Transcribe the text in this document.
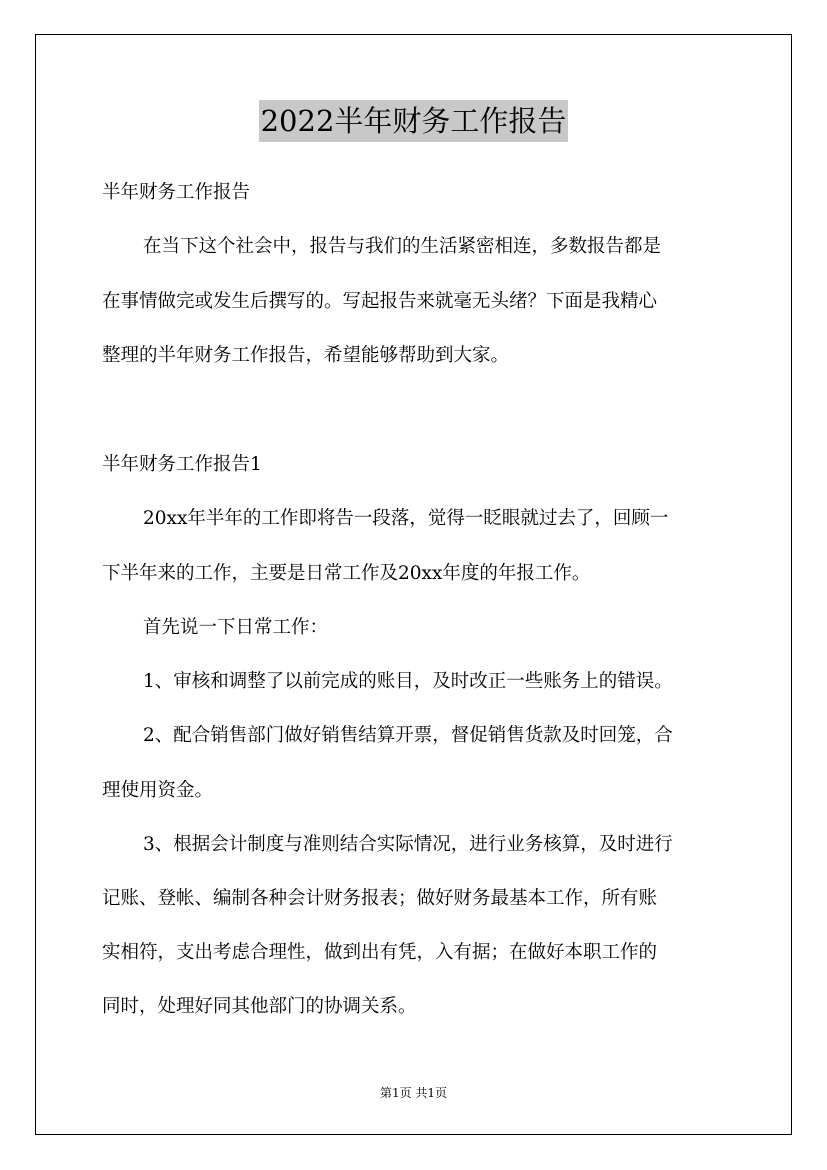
2022半年财务工作报告

半年财务工作报告

在当下这个社会中，报告与我们的生活紧密相连，多数报告都是

在事情做完或发生后撰写的。写起报告来就毫无头绪？下面是我精心

整理的半年财务工作报告，希望能够帮助到大家。

半年财务工作报告1

20xx年半年的工作即将告一段落，觉得一眨眼就过去了，回顾一

下半年来的工作，主要是日常工作及20xx年度的年报工作。

首先说一下日常工作：

1、审核和调整了以前完成的账目，及时改正一些账务上的错误。

2、配合销售部门做好销售结算开票，督促销售货款及时回笼，合

理使用资金。

3、根据会计制度与准则结合实际情况，进行业务核算，及时进行

记账、登帐、编制各种会计财务报表；做好财务最基本工作，所有账

实相符，支出考虑合理性，做到出有凭，入有据；在做好本职工作的

同时，处理好同其他部门的协调关系。

第1页 共1页
